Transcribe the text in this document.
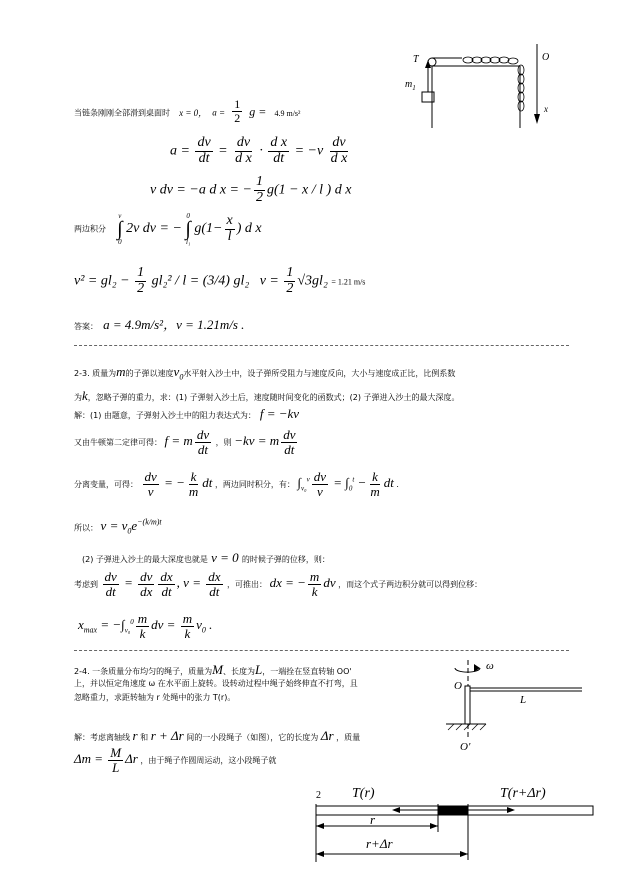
T	O
$m_1$
x
当链条刚刚全部滑到桌面时 x = 0， $a = \frac{1}{2}$ g = 4.9 m/s²
$a = \frac{dv}{dt} = \frac{dv}{\text{d x}} \cdot \frac{\text{d x}}{dt} = -v \frac{dv}{\text{d x}}$
v dv = −a d x = − $\frac{1}{2} g(1 - x / l$ ) d x
两边积分
v
∫
0
2v dv = −
0
∫
l₁
$g(1- \frac{x}{l}$ ) d x
$v^2 = gl_2 - \frac{1}{2} gl_2^2 / l = (3/4)$ gl₂   $v = \frac{1}{2} √3gl_2 = 1.21$ m/s
答案： a = 4.9m/s²，v = 1.21m/s .
2-3. 质量为m的子弹以速度$v_0$水平射入沙土中，设子弹所受阻力与速度反向，大小与速度成正比，比例系数
为k，忽略子弹的重力，求：(1) 子弹射入沙土后，速度随时间变化的函数式；(2) 子弹进入沙土的最大深度。
解：(1) 由题意，子弹射入沙土中的阻力表达式为： f = −kv
又由牛顿第二定律可得： f = m $\frac{dv}{dt}$ ，则 −kv = m $\frac{dv}{dt}$
分离变量，可得： $\frac{dv}{v}$ = − $\frac{k}{m}$ dt ，两边同时积分，有： $\int_{v_0}^v \frac{dv}{v} = \int_0^t - \frac{k}{m}$ dt .
所以： $v = v_0e^{-(k/m)t}$
(2) 子弹进入沙土的最大深度也就是 v = 0 的时候子弹的位移，则：
考虑到 $\frac{dv}{dt} = \frac{dv}{dx} \frac{dx}{dt}$ , $v = \frac{dx}{dt}$ ，可推出： dx = − $\frac{m}{k}$ dv ，而这个式子两边积分就可以得到位移：
$x_{max} = -\int_{v_0}^0 \frac{m}{k}$ dv = $\frac{m}{k} v_0$ .
2-4. 一条质量分布均匀的绳子，质量为M、长度为L，一端拴在竖直转轴 OO'
上，并以恒定角速度 ω 在水平面上旋转。设转动过程中绳子始终伸直不打弯，且
忽略重力，求距转轴为 r 处绳中的张力 T(r)。
ω
O
L
O'
解：考虑离轴线 r 和 r + Δr 间的一小段绳子（如图），它的长度为 Δr ，质量
$\Delta m = \frac{M}{L}$ Δr ，由于绳子作圆周运动，这小段绳子就
2 T(r)	T(r+Δr)
r
r+Δr
